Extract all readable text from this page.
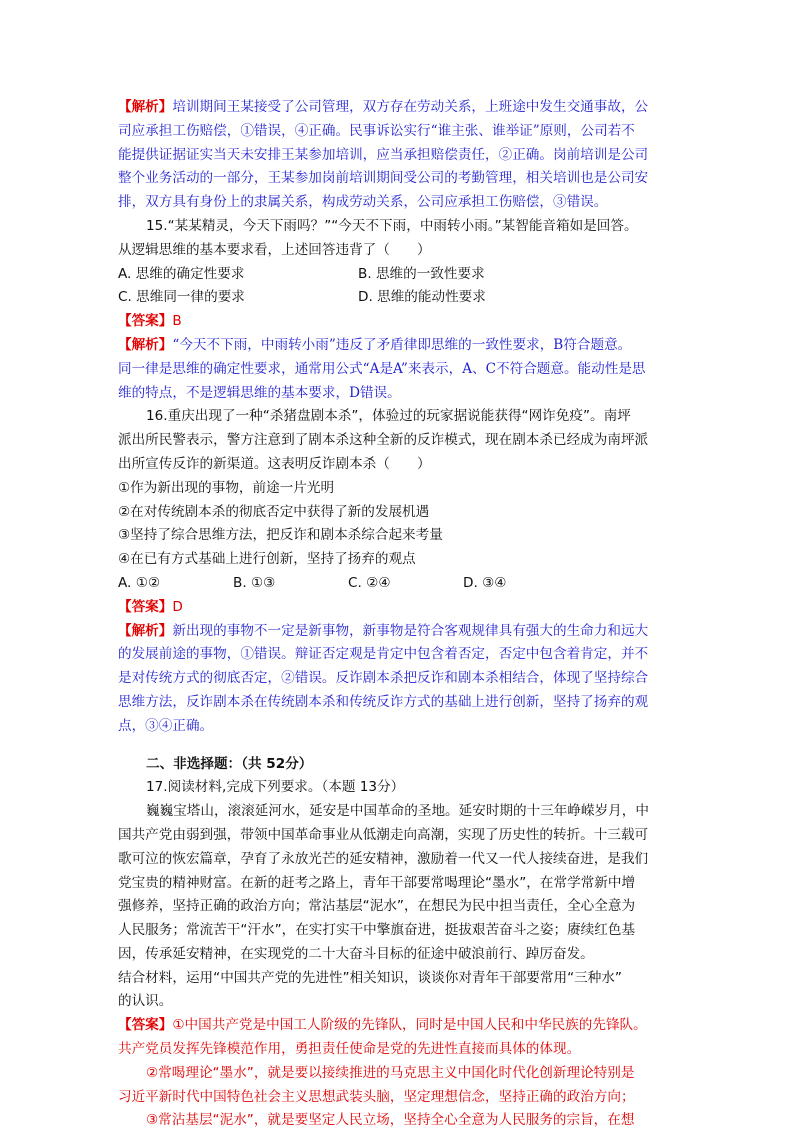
【解析】培训期间王某接受了公司管理，双方存在劳动关系，上班途中发生交通事故，公
司应承担工伤赔偿，①错误，④正确。民事诉讼实行“谁主张、谁举证”原则，公司若不
能提供证据证实当天未安排王某参加培训，应当承担赔偿责任，②正确。岗前培训是公司
整个业务活动的一部分，王某参加岗前培训期间受公司的考勤管理，相关培训也是公司安
排，双方具有身份上的隶属关系，构成劳动关系，公司应承担工伤赔偿，③错误。
15.“某某精灵，今天下雨吗？”“今天不下雨，中雨转小雨。”某智能音箱如是回答。
从逻辑思维的基本要求看，上述回答违背了（　　）
A. 思维的确定性要求	B. 思维的一致性要求
C. 思维同一律的要求	D. 思维的能动性要求
【答案】B
【解析】“今天不下雨，中雨转小雨”违反了矛盾律即思维的一致性要求，B符合题意。
同一律是思维的确定性要求，通常用公式“A是A”来表示，A、C不符合题意。能动性是思
维的特点，不是逻辑思维的基本要求，D错误。
16.重庆出现了一种“杀猪盘剧本杀”，体验过的玩家据说能获得“网诈免疫”。南坪
派出所民警表示，警方注意到了剧本杀这种全新的反诈模式，现在剧本杀已经成为南坪派
出所宣传反诈的新渠道。这表明反诈剧本杀（　　）
①作为新出现的事物，前途一片光明
②在对传统剧本杀的彻底否定中获得了新的发展机遇
③坚持了综合思维方法，把反诈和剧本杀综合起来考量
④在已有方式基础上进行创新，坚持了扬弃的观点
A. ①②	B. ①③	C. ②④	D. ③④
【答案】D
【解析】新出现的事物不一定是新事物，新事物是符合客观规律具有强大的生命力和远大
的发展前途的事物，①错误。辩证否定观是肯定中包含着否定，否定中包含着肯定，并不
是对传统方式的彻底否定，②错误。反诈剧本杀把反诈和剧本杀相结合，体现了坚持综合
思维方法，反诈剧本杀在传统剧本杀和传统反诈方式的基础上进行创新，坚持了扬弃的观
点，③④正确。
二、非选择题：（共 52分）
17.阅读材料,完成下列要求。（本题 13分）
巍巍宝塔山，滚滚延河水，延安是中国革命的圣地。延安时期的十三年峥嵘岁月，中
国共产党由弱到强，带领中国革命事业从低潮走向高潮，实现了历史性的转折。十三载可
歌可泣的恢宏篇章，孕育了永放光芒的延安精神，激励着一代又一代人接续奋进，是我们
党宝贵的精神财富。在新的赶考之路上，青年干部要常喝理论“墨水”，在常学常新中增
强修养，坚持正确的政治方向；常沾基层“泥水”，在想民为民中担当责任，全心全意为
人民服务；常流苦干“汗水”，在实打实干中擎旗奋进，挺拔艰苦奋斗之姿；赓续红色基
因，传承延安精神，在实现党的二十大奋斗目标的征途中破浪前行、踔厉奋发。
结合材料，运用“中国共产党的先进性”相关知识，谈谈你对青年干部要常用“三种水”
的认识。
【答案】①中国共产党是中国工人阶级的先锋队，同时是中国人民和中华民族的先锋队。
共产党员发挥先锋模范作用，勇担责任使命是党的先进性直接而具体的体现。
②常喝理论“墨水”，就是要以接续推进的马克思主义中国化时代化创新理论特别是
习近平新时代中国特色社会主义思想武装头脑，坚定理想信念，坚持正确的政治方向；
③常沾基层“泥水”，就是要坚定人民立场，坚持全心全意为人民服务的宗旨，在想
